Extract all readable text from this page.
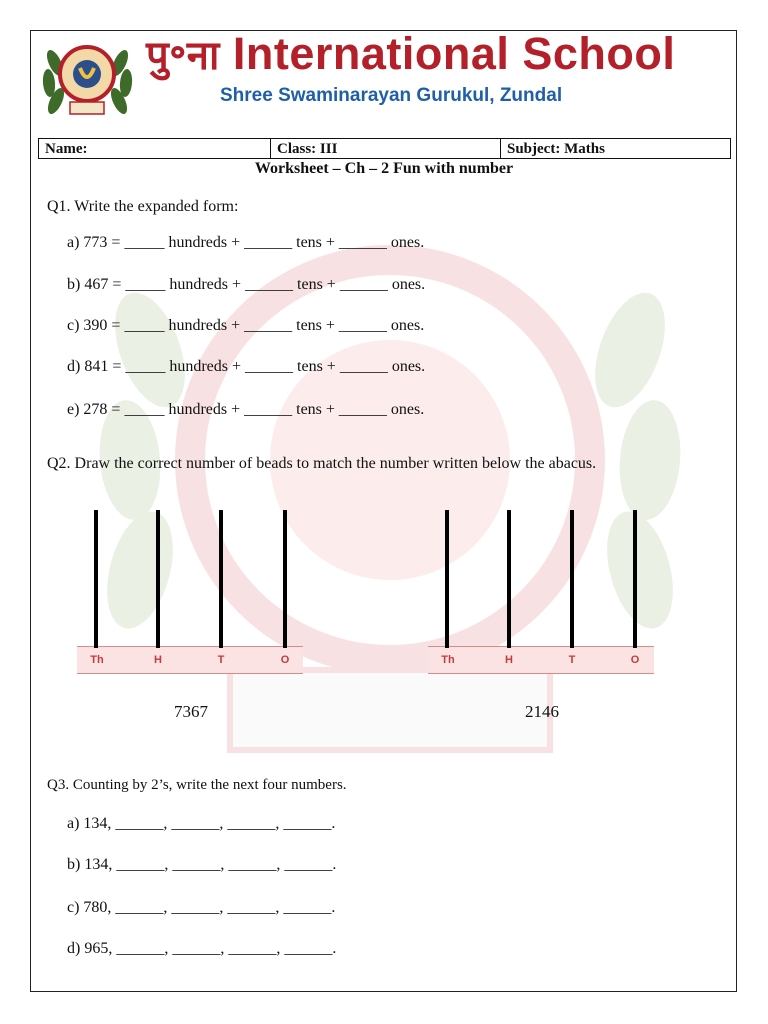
पु॰ना International School
Shree Swaminarayan Gurukul, Zundal
Name:	Class: III	Subject: Maths
Worksheet – Ch – 2 Fun with number
Q1. Write the expanded form:
a) 773 = _____ hundreds + ______ tens + ______ ones.
b) 467 = _____ hundreds + ______ tens + ______ ones.
c) 390 = _____ hundreds + ______ tens + ______ ones.
d) 841 = _____ hundreds + ______ tens + ______ ones.
e) 278 = _____ hundreds + ______ tens + ______ ones.
Q2. Draw the correct number of beads to match the number written below the abacus.
Th	H	T	O	Th	H	T	O
7367	2146
Q3. Counting by 2’s, write the next four numbers.
a) 134, ______, ______, ______, ______.
b) 134, ______, ______, ______, ______.
c) 780, ______, ______, ______, ______.
d) 965, ______, ______, ______, ______.
